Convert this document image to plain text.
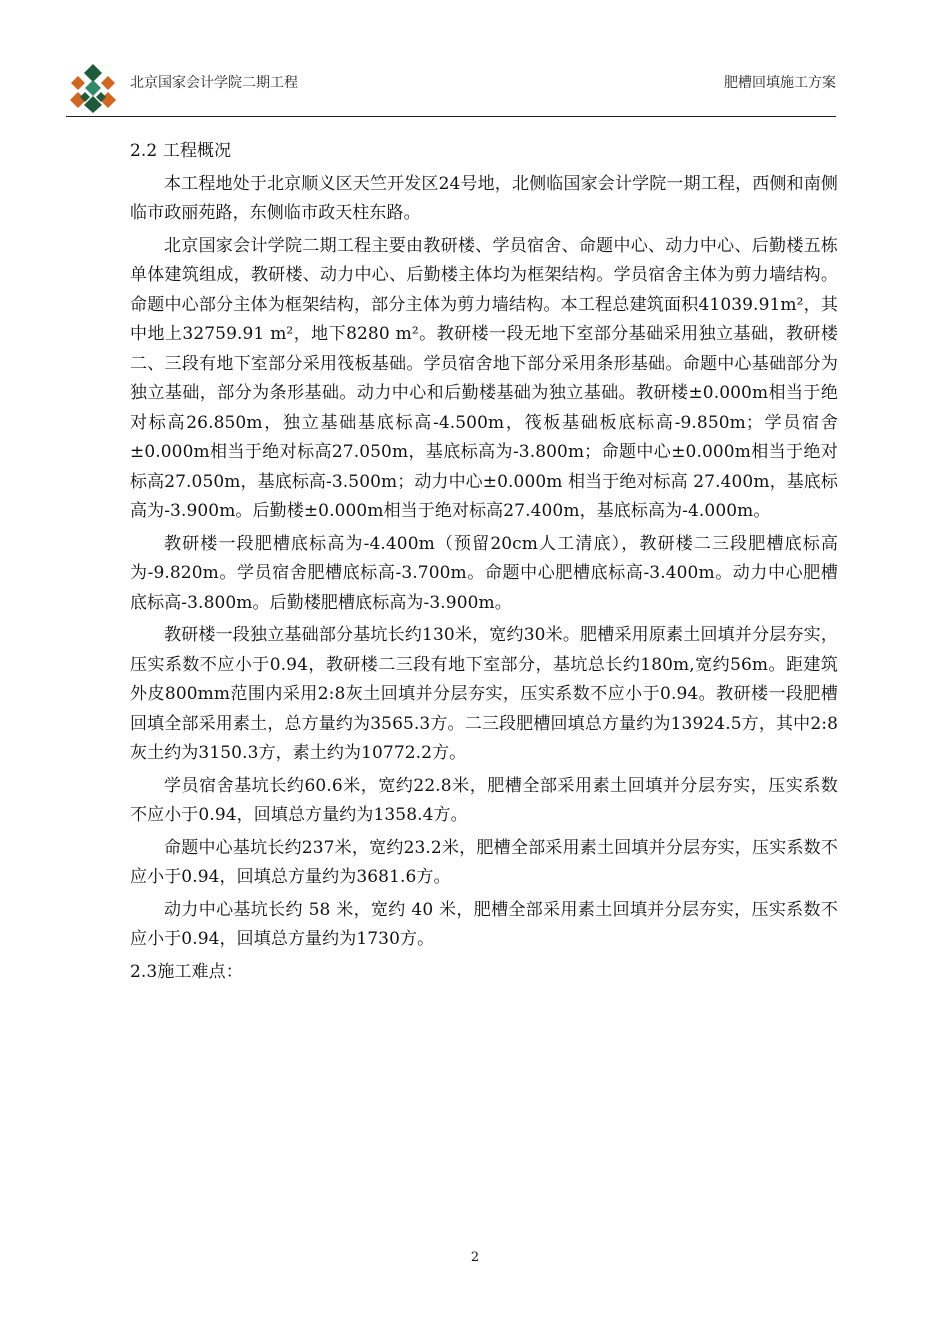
北京国家会计学院二期工程	肥槽回填施工方案
2.2 工程概况

本工程地处于北京顺义区天竺开发区24号地，北侧临国家会计学院一期工程，西侧和南侧临市政丽苑路，东侧临市政天柱东路。

北京国家会计学院二期工程主要由教研楼、学员宿舍、命题中心、动力中心、后勤楼五栋单体建筑组成，教研楼、动力中心、后勤楼主体均为框架结构。学员宿舍主体为剪力墙结构。命题中心部分主体为框架结构，部分主体为剪力墙结构。本工程总建筑面积41039.91m²，其中地上32759.91 m²，地下8280 m²。教研楼一段无地下室部分基础采用独立基础，教研楼二、三段有地下室部分采用筏板基础。学员宿舍地下部分采用条形基础。命题中心基础部分为独立基础，部分为条形基础。动力中心和后勤楼基础为独立基础。教研楼±0.000m相当于绝对标高26.850m，独立基础基底标高-4.500m，筏板基础板底标高-9.850m；学员宿舍±0.000m相当于绝对标高27.050m，基底标高为-3.800m；命题中心±0.000m相当于绝对标高27.050m，基底标高-3.500m；动力中心±0.000m 相当于绝对标高 27.400m，基底标高为-3.900m。后勤楼±0.000m相当于绝对标高27.400m，基底标高为-4.000m。

教研楼一段肥槽底标高为-4.400m（预留20cm人工清底），教研楼二三段肥槽底标高为-9.820m。学员宿舍肥槽底标高-3.700m。命题中心肥槽底标高-3.400m。动力中心肥槽底标高-3.800m。后勤楼肥槽底标高为-3.900m。

教研楼一段独立基础部分基坑长约130米，宽约30米。肥槽采用原素土回填并分层夯实，压实系数不应小于0.94，教研楼二三段有地下室部分，基坑总长约180m,宽约56m。距建筑外皮800mm范围内采用2:8灰土回填并分层夯实，压实系数不应小于0.94。教研楼一段肥槽回填全部采用素土，总方量约为3565.3方。二三段肥槽回填总方量约为13924.5方，其中2:8灰土约为3150.3方，素土约为10772.2方。

学员宿舍基坑长约60.6米，宽约22.8米，肥槽全部采用素土回填并分层夯实，压实系数不应小于0.94，回填总方量约为1358.4方。

命题中心基坑长约237米，宽约23.2米，肥槽全部采用素土回填并分层夯实，压实系数不应小于0.94，回填总方量约为3681.6方。

动力中心基坑长约 58 米，宽约 40 米，肥槽全部采用素土回填并分层夯实，压实系数不应小于0.94，回填总方量约为1730方。

2.3施工难点：
2
